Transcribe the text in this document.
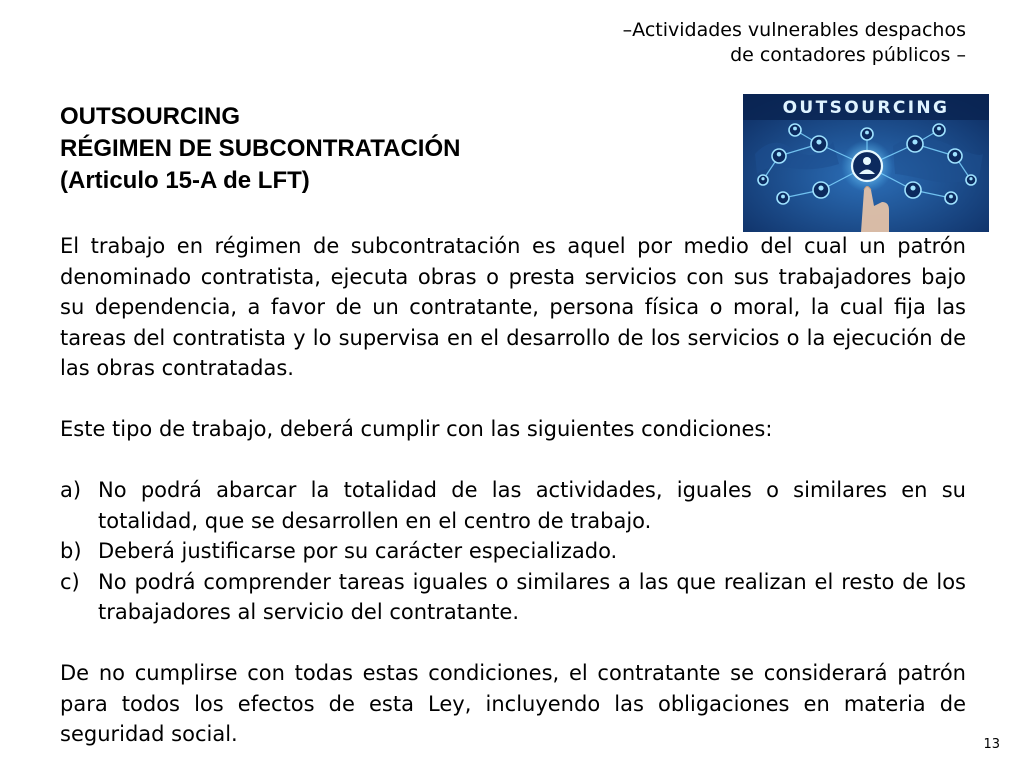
–Actividades vulnerables despachos
de contadores públicos –
OUTSOURCING
RÉGIMEN DE SUBCONTRATACIÓN
(Articulo 15-A de LFT)
OUTSOURCING

El trabajo en régimen de subcontratación es aquel por medio del cual un patrón denominado contratista, ejecuta obras o presta servicios con sus trabajadores bajo su dependencia, a favor de un contratante, persona física o moral, la cual fija las tareas del contratista y lo supervisa en el desarrollo de los servicios o la ejecución de las obras contratadas.

Este tipo de trabajo, deberá cumplir con las siguientes condiciones:

a) No podrá abarcar la totalidad de las actividades, iguales o similares en su totalidad, que se desarrollen en el centro de trabajo.
b) Deberá justificarse por su carácter especializado.
c) No podrá comprender tareas iguales o similares a las que realizan el resto de los trabajadores al servicio del contratante.

De no cumplirse con todas estas condiciones, el contratante se considerará patrón para todos los efectos de esta Ley, incluyendo las obligaciones en materia de seguridad social.	13
